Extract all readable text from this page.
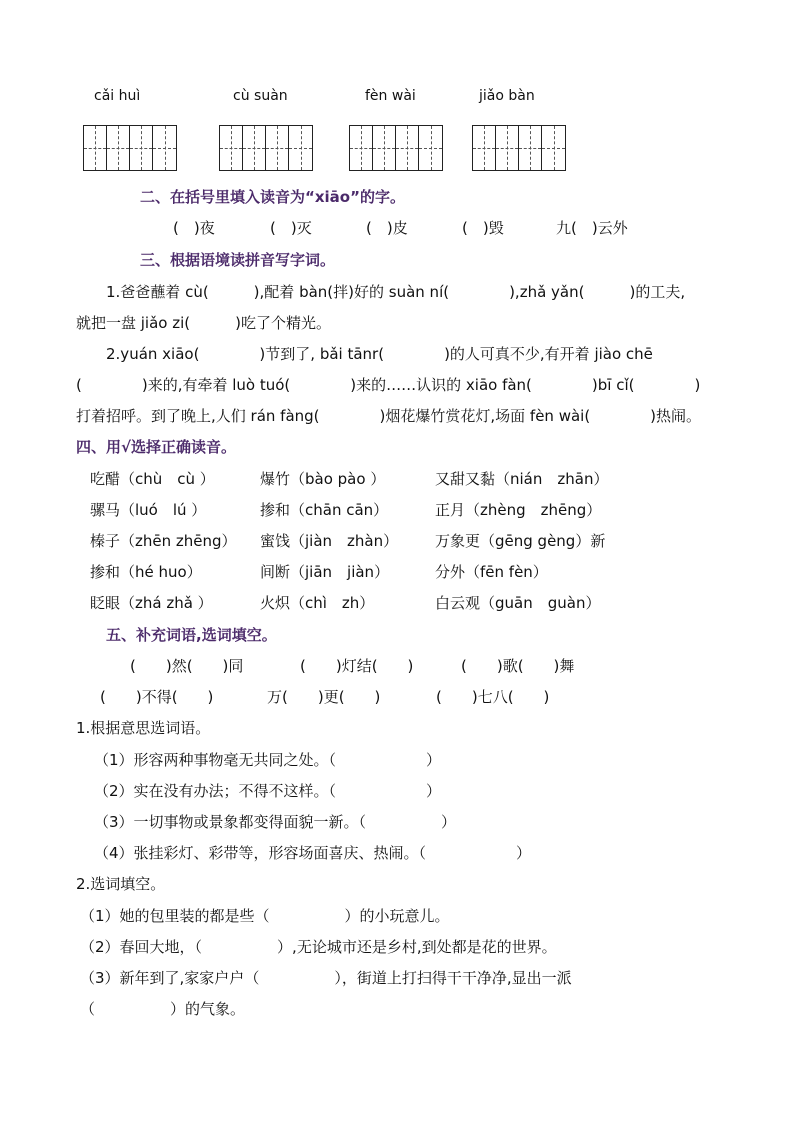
cǎi huì	cù suàn	fèn wài	jiǎo bàn
二、在括号里填入读音为“xiāo”的字。
(　)夜	(　)灭	(　)皮	(　)毁	九(　)云外
三、根据语境读拼音写字词。
1.爸爸蘸着 cù(　　　),配着 bàn(拌)好的 suàn ní(　　　　),zhǎ yǎn(　　　)的工夫,
就把一盘 jiǎo zi(　　　)吃了个精光。
2.yuán xiāo(　　　　)节到了, bǎi tānr(　　　　)的人可真不少,有开着 jiào chē
(　　　　)来的,有牵着 luò tuó(　　　　)来的……认识的 xiāo fàn(　　　　)bī cǐ(　　　　)
打着招呼。到了晚上,人们 rán fàng(　　　　)烟花爆竹赏花灯,场面 fèn wài(　　　　)热闹。
四、用√选择正确读音。
吃醋（chù　cù ）	爆竹（bào pào ）	又甜又黏（nián　zhān）
骡马（luó　lú ）	掺和（chān cān）	正月（zhèng　zhēng）
榛子（zhēn zhēng） 蜜饯（jiàn　zhàn） 万象更（gēng gèng）新
掺和（hé huo）	间断（jiān　jiàn）	分外（fēn fèn）
眨眼（zhá zhǎ ）	火炽（chì　zh）	白云观（guān　guàn）
五、补充词语,选词填空。
(　　)然(　　)同	(　　)灯结(　　)	(　　)歌(　　)舞
(　　)不得(　　)	万(　　)更(　　)	(　　)七八(　　)
1.根据意思选词语。
（1）形容两种事物毫无共同之处。（　　　　　　）
（2）实在没有办法；不得不这样。（　　　　　　）
（3）一切事物或景象都变得面貌一新。（　　　　　）
（4）张挂彩灯、彩带等，形容场面喜庆、热闹。（　　　　　　）
2.选词填空。
（1）她的包里装的都是些（　　　　　）的小玩意儿。
（2）春回大地，（　　　　　）,无论城市还是乡村,到处都是花的世界。
（3）新年到了,家家户户（　　　　　），街道上打扫得干干净净,显出一派
（　　　　　）的气象。
